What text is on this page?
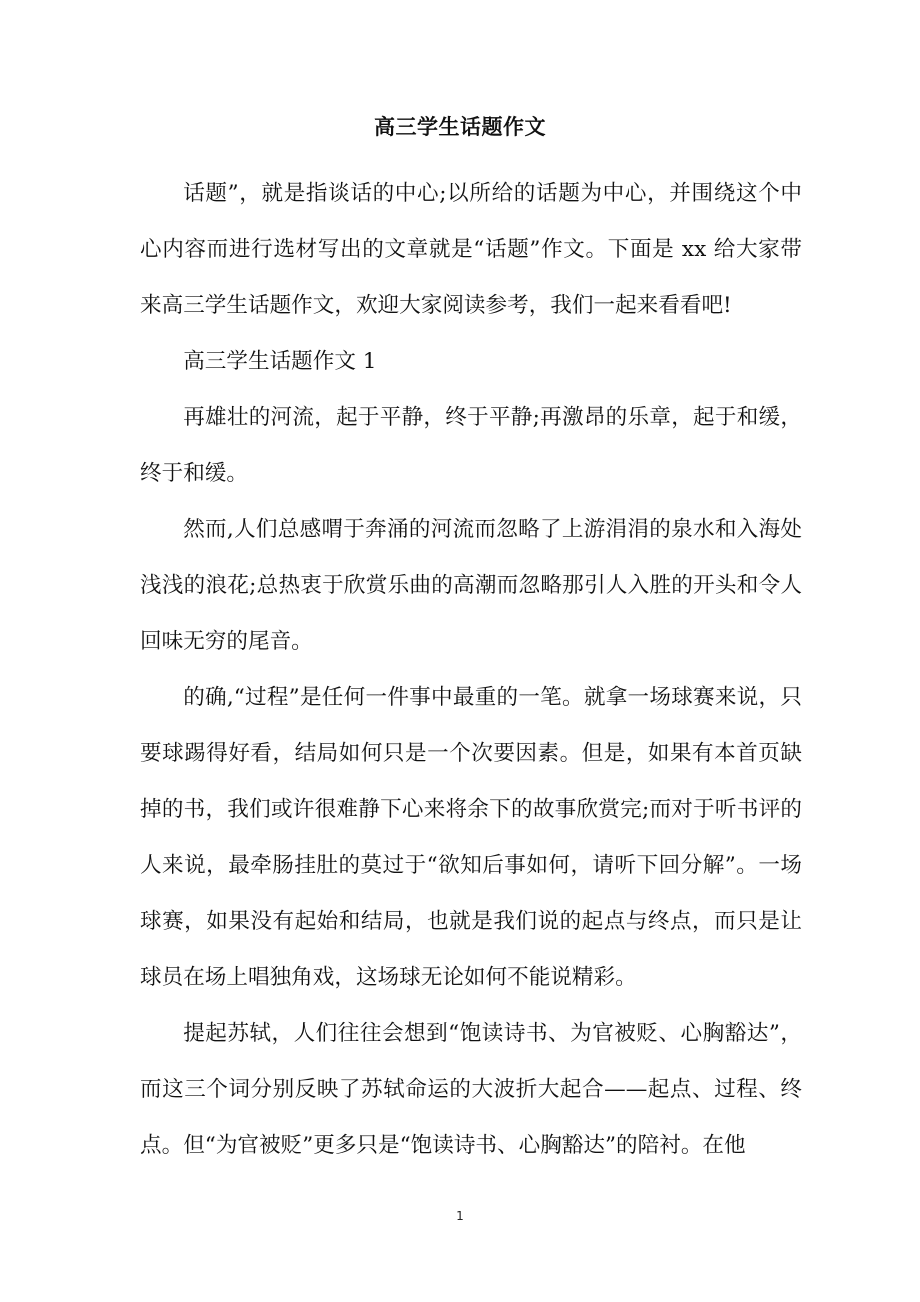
高三学生话题作文

话题”，就是指谈话的中心;以所给的话题为中心，并围绕这个中心内容而进行选材写出的文章就是“话题”作文。下面是 xx 给大家带来高三学生话题作文，欢迎大家阅读参考，我们一起来看看吧!

高三学生话题作文 1

再雄壮的河流，起于平静，终于平静;再激昂的乐章，起于和缓，终于和缓。

然而,人们总感喟于奔涌的河流而忽略了上游涓涓的泉水和入海处浅浅的浪花;总热衷于欣赏乐曲的高潮而忽略那引人入胜的开头和令人回味无穷的尾音。

的确,“过程”是任何一件事中最重的一笔。就拿一场球赛来说，只要球踢得好看，结局如何只是一个次要因素。但是，如果有本首页缺掉的书，我们或许很难静下心来将余下的故事欣赏完;而对于听书评的人来说，最牵肠挂肚的莫过于“欲知后事如何，请听下回分解”。一场球赛，如果没有起始和结局，也就是我们说的起点与终点，而只是让球员在场上唱独角戏，这场球无论如何不能说精彩。

提起苏轼，人们往往会想到“饱读诗书、为官被贬、心胸豁达”，而这三个词分别反映了苏轼命运的大波折大起合——起点、过程、终点。但“为官被贬”更多只是“饱读诗书、心胸豁达”的陪衬。在他

1
